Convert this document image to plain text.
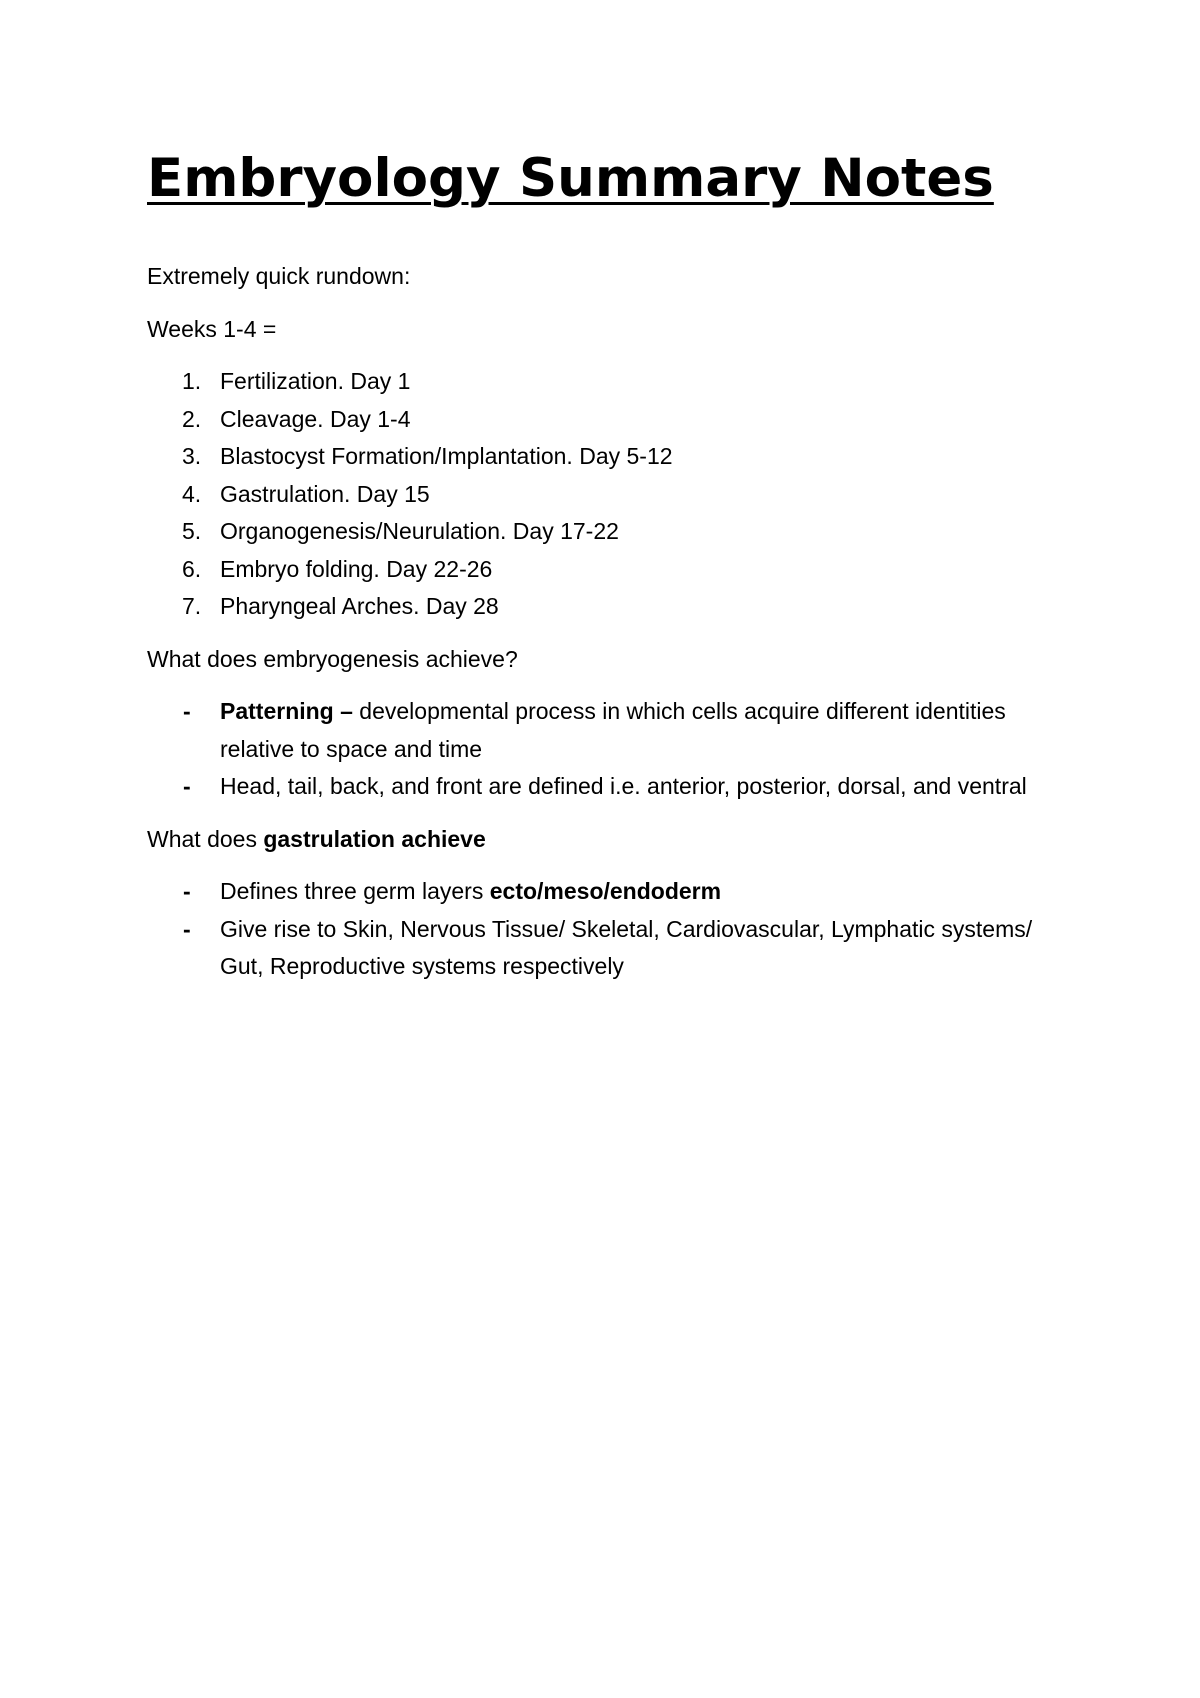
Embryology Summary Notes

Extremely quick rundown:

Weeks 1-4 =

1. Fertilization. Day 1
2. Cleavage. Day 1-4
3. Blastocyst Formation/Implantation. Day 5-12
4. Gastrulation. Day 15
5. Organogenesis/Neurulation. Day 17-22
6. Embryo folding. Day 22-26
7. Pharyngeal Arches. Day 28

What does embryogenesis achieve?

- Patterning – developmental process in which cells acquire different identities relative to space and time
- Head, tail, back, and front are defined i.e. anterior, posterior, dorsal, and ventral

What does gastrulation achieve

- Defines three germ layers ecto/meso/endoderm
- Give rise to Skin, Nervous Tissue/ Skeletal, Cardiovascular, Lymphatic systems/ Gut, Reproductive systems respectively
